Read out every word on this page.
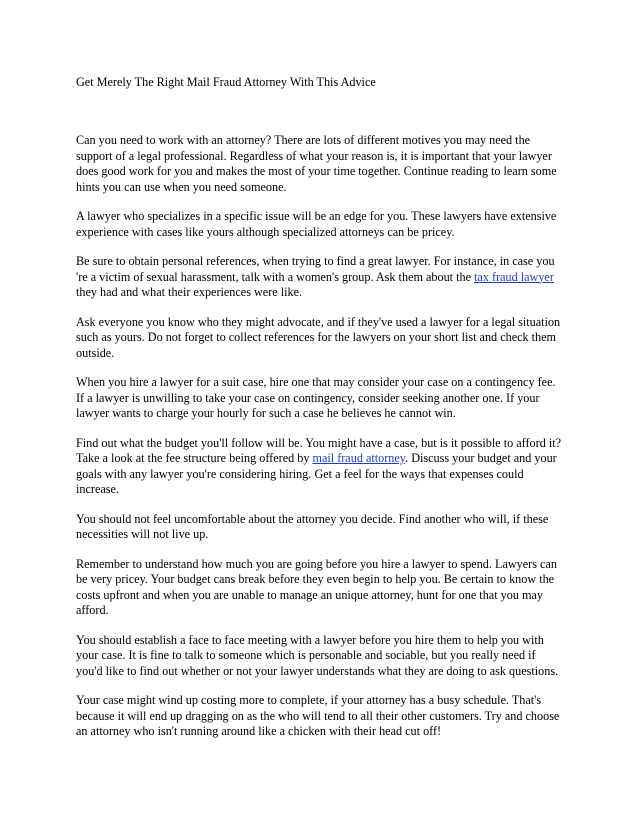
Get Merely The Right Mail Fraud Attorney With This Advice

Can you need to work with an attorney? There are lots of different motives you may need the support of a legal professional. Regardless of what your reason is, it is important that your lawyer does good work for you and makes the most of your time together. Continue reading to learn some hints you can use when you need someone.

A lawyer who specializes in a specific issue will be an edge for you. These lawyers have extensive experience with cases like yours although specialized attorneys can be pricey.

Be sure to obtain personal references, when trying to find a great lawyer. For instance, in case you 're a victim of sexual harassment, talk with a women's group. Ask them about the tax fraud lawyer they had and what their experiences were like.

Ask everyone you know who they might advocate, and if they've used a lawyer for a legal situation such as yours. Do not forget to collect references for the lawyers on your short list and check them outside.

When you hire a lawyer for a suit case, hire one that may consider your case on a contingency fee. If a lawyer is unwilling to take your case on contingency, consider seeking another one. If your lawyer wants to charge your hourly for such a case he believes he cannot win.

Find out what the budget you'll follow will be. You might have a case, but is it possible to afford it? Take a look at the fee structure being offered by mail fraud attorney. Discuss your budget and your goals with any lawyer you're considering hiring. Get a feel for the ways that expenses could increase.

You should not feel uncomfortable about the attorney you decide. Find another who will, if these necessities will not live up.

Remember to understand how much you are going before you hire a lawyer to spend. Lawyers can be very pricey. Your budget cans break before they even begin to help you. Be certain to know the costs upfront and when you are unable to manage an unique attorney, hunt for one that you may afford.

You should establish a face to face meeting with a lawyer before you hire them to help you with your case. It is fine to talk to someone which is personable and sociable, but you really need if you'd like to find out whether or not your lawyer understands what they are doing to ask questions.

Your case might wind up costing more to complete, if your attorney has a busy schedule. That's because it will end up dragging on as the who will tend to all their other customers. Try and choose an attorney who isn't running around like a chicken with their head cut off!
